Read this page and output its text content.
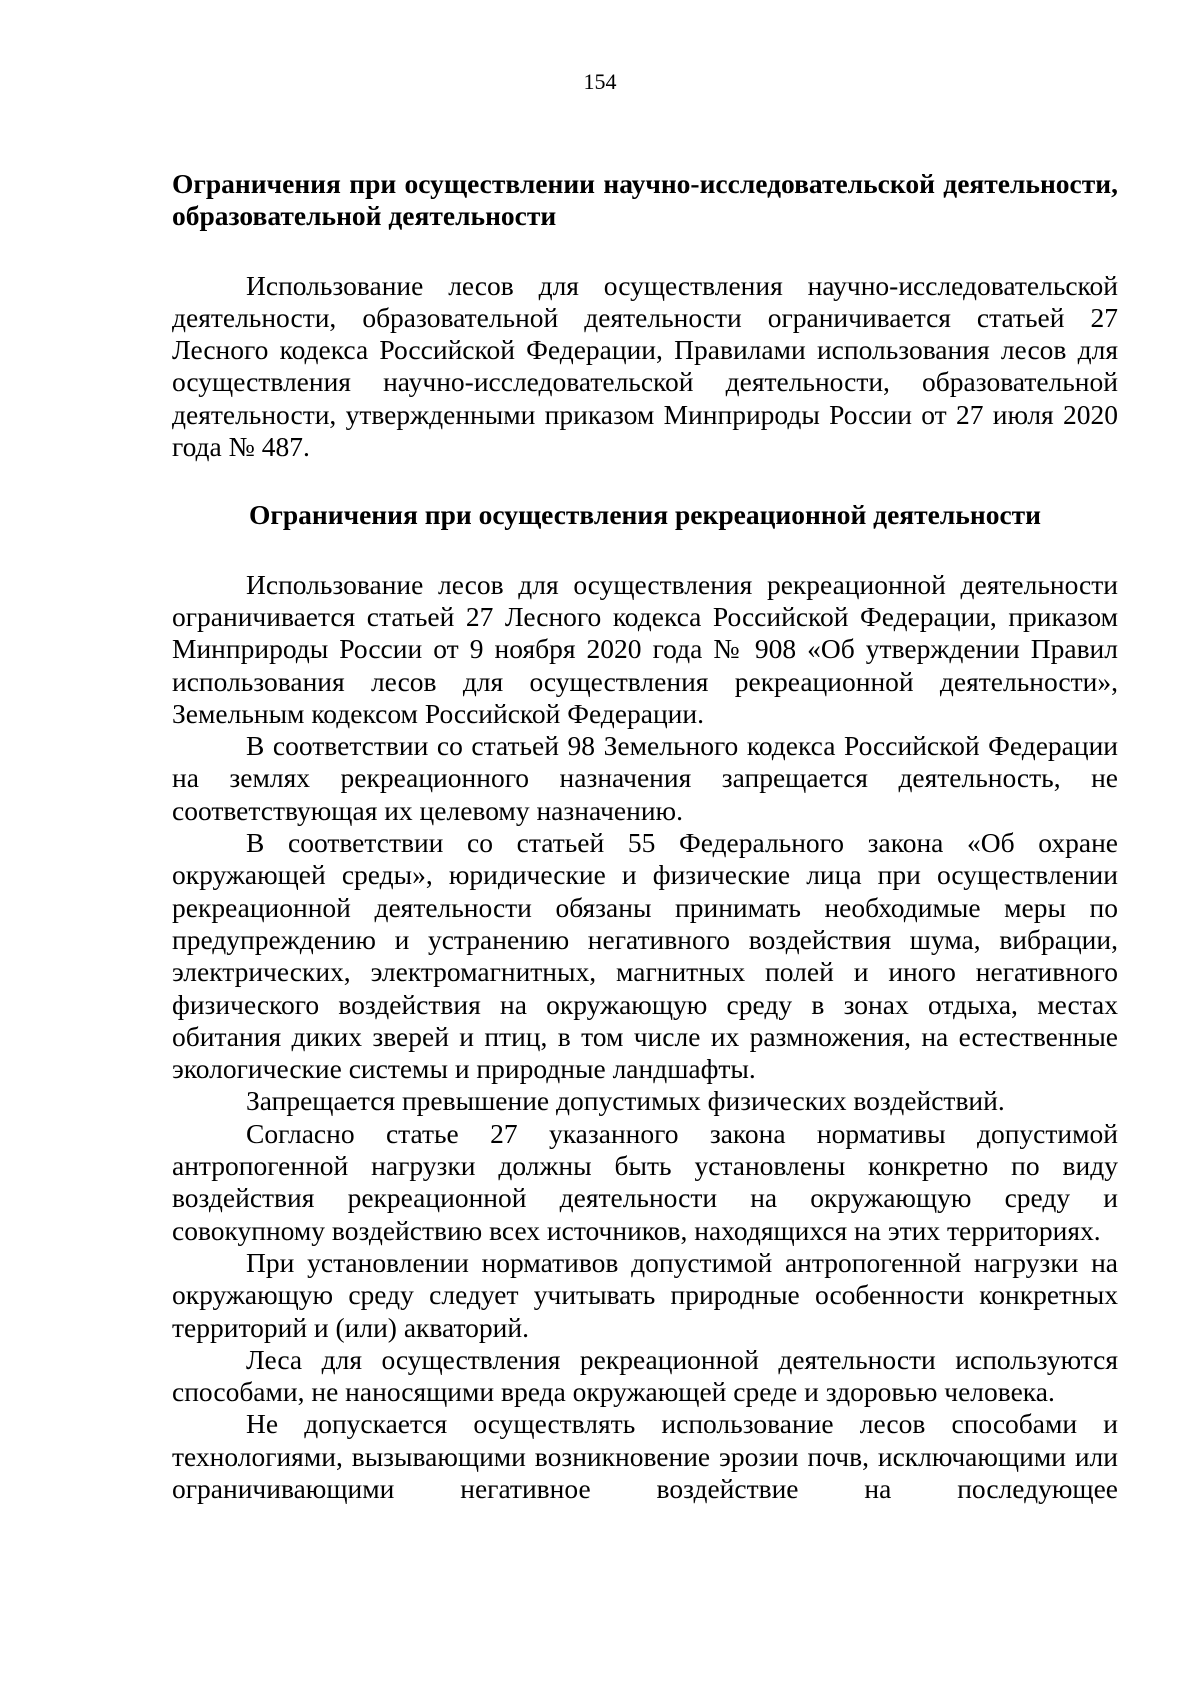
154

Ограничения при осуществлении научно-исследовательской деятельности, образовательной деятельности

Использование лесов для осуществления научно-исследовательской деятельности, образовательной деятельности ограничивается статьей 27 Лесного кодекса Российской Федерации, Правилами использования лесов для осуществления научно-исследовательской деятельности, образовательной деятельности, утвержденными приказом Минприроды России от 27 июля 2020 года № 487.

Ограничения при осуществления рекреационной деятельности

Использование лесов для осуществления рекреационной деятельности ограничивается статьей 27 Лесного кодекса Российской Федерации, приказом Минприроды России от 9 ноября 2020 года № 908 «Об утверждении Правил использования лесов для осуществления рекреационной деятельности», Земельным кодексом Российской Федерации.

В соответствии со статьей 98 Земельного кодекса Российской Федерации на землях рекреационного назначения запрещается деятельность, не соответствующая их целевому назначению.

В соответствии со статьей 55 Федерального закона «Об охране окружающей среды», юридические и физические лица при осуществлении рекреационной деятельности обязаны принимать необходимые меры по предупреждению и устранению негативного воздействия шума, вибрации, электрических, электромагнитных, магнитных полей и иного негативного физического воздействия на окружающую среду в зонах отдыха, местах обитания диких зверей и птиц, в том числе их размножения, на естественные экологические системы и природные ландшафты.

Запрещается превышение допустимых физических воздействий.

Согласно статье 27 указанного закона нормативы допустимой антропогенной нагрузки должны быть установлены конкретно по виду воздействия рекреационной деятельности на окружающую среду и совокупному воздействию всех источников, находящихся на этих территориях.

При установлении нормативов допустимой антропогенной нагрузки на окружающую среду следует учитывать природные особенности конкретных территорий и (или) акваторий.

Леса для осуществления рекреационной деятельности используются способами, не наносящими вреда окружающей среде и здоровью человека.

Не допускается осуществлять использование лесов способами и технологиями, вызывающими возникновение эрозии почв, исключающими или ограничивающими негативное воздействие на последующее
